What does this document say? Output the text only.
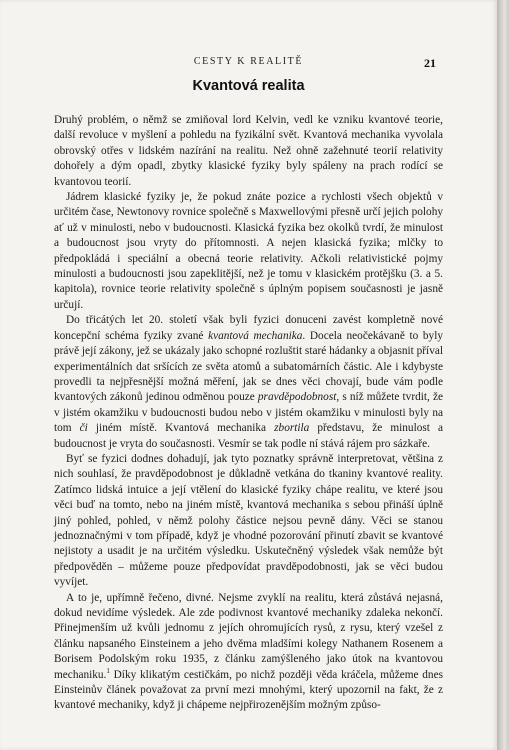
CESTY K REALITĚ	21
Kvantová realita

Druhý problém, o němž se zmiňoval lord Kelvin, vedl ke vzniku kvantové teorie, další revoluce v myšlení a pohledu na fyzikální svět. Kvantová mechanika vyvolala obrovský otřes v lidském nazírání na realitu. Než ohně zažehnuté teorií relativity dohořely a dým opadl, zbytky klasické fyziky byly spáleny na prach rodící se kvantovou teorií.

Jádrem klasické fyziky je, že pokud znáte pozice a rychlosti všech objektů v určitém čase, Newtonovy rovnice společně s Maxwellovými přesně určí jejich polohy ať už v minulosti, nebo v budoucnosti. Klasická fyzika bez okolků tvrdí, že minulost a budoucnost jsou vryty do přítomnosti. A nejen klasická fyzika; mlčky to předpokládá i speciální a obecná teorie relativity. Ačkoli relativistické pojmy minulosti a budoucnosti jsou zapeklitější, než je tomu v klasickém protějšku (3. a 5. kapitola), rovnice teorie relativity společně s úplným popisem současnosti je jasně určují.

Do třicátých let 20. století však byli fyzici donuceni zavést kompletně nové koncepční schéma fyziky zvané kvantová mechanika. Docela neočekávaně to byly právě její zákony, jež se ukázaly jako schopné rozluštit staré hádanky a objasnit příval experimentálních dat sršících ze světa atomů a subatomárních částic. Ale i kdybyste provedli ta nejpřesnější možná měření, jak se dnes věci chovají, bude vám podle kvantových zákonů jedinou odměnou pouze pravděpodobnost, s níž můžete tvrdit, že v jistém okamžiku v budoucnosti budou nebo v jistém okamžiku v minulosti byly na tom či jiném místě. Kvantová mechanika zbortila představu, že minulost a budoucnost je vryta do současnosti. Vesmír se tak podle ní stává rájem pro sázkaře.

Byť se fyzici dodnes dohadují, jak tyto poznatky správně interpretovat, většina z nich souhlasí, že pravděpodobnost je důkladně vetkána do tkaniny kvantové reality. Zatímco lidská intuice a její vtělení do klasické fyziky chápe realitu, ve které jsou věci buď na tomto, nebo na jiném místě, kvantová mechanika s sebou přináší úplně jiný pohled, pohled, v němž polohy částice nejsou pevně dány. Věci se stanou jednoznačnými v tom případě, když je vhodné pozorování přinutí zbavit se kvantové nejistoty a usadit je na určitém výsledku. Uskutečněný výsledek však nemůže být předpověděn – můžeme pouze předpovídat pravděpodobnosti, jak se věci budou vyvíjet.

A to je, upřímně řečeno, divné. Nejsme zvyklí na realitu, která zůstává nejasná, dokud nevidíme výsledek. Ale zde podivnost kvantové mechaniky zdaleka nekončí. Přinejmenším už kvůli jednomu z jejích ohromujících rysů, z rysu, který vzešel z článku napsaného Einsteinem a jeho dvěma mladšími kolegy Nathanem Rosenem a Borisem Podolským roku 1935, z článku zamýšleného jako útok na kvantovou mechaniku.$^1$ Díky klikatým cestičkám, po nichž později věda kráčela, můžeme dnes Einsteinův článek považovat za první mezi mnohými, který upozornil na fakt, že z kvantové mechaniky, když ji chápeme nejpřirozenějším možným způso-
